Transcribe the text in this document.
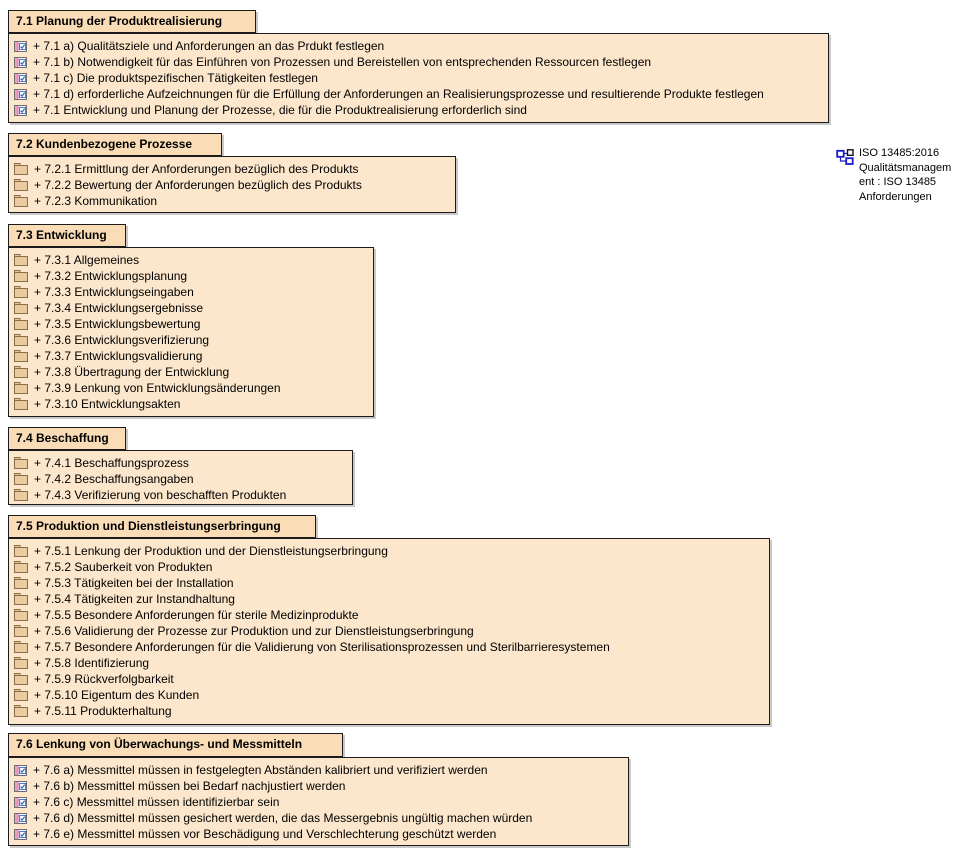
7.1 Planung der Produktrealisierung
+ 7.1 a) Qualitätsziele und Anforderungen an das Prdukt festlegen
+ 7.1 b) Notwendigkeit für das Einführen von Prozessen und Bereistellen von entsprechenden Ressourcen festlegen
+ 7.1 c) Die produktspezifischen Tätigkeiten festlegen
+ 7.1 d) erforderliche Aufzeichnungen für die Erfüllung der Anforderungen an Realisierungsprozesse und resultierende Produkte festlegen
+ 7.1 Entwicklung und Planung der Prozesse, die für die Produktrealisierung erforderlich sind
7.2 Kundenbezogene Prozesse
+ 7.2.1 Ermittlung der Anforderungen bezüglich des Produkts
+ 7.2.2 Bewertung der Anforderungen bezüglich des Produkts
+ 7.2.3 Kommunikation
7.3 Entwicklung
+ 7.3.1 Allgemeines
+ 7.3.2 Entwicklungsplanung
+ 7.3.3 Entwicklungseingaben
+ 7.3.4 Entwicklungsergebnisse
+ 7.3.5 Entwicklungsbewertung
+ 7.3.6 Entwicklungsverifizierung
+ 7.3.7 Entwicklungsvalidierung
+ 7.3.8 Übertragung der Entwicklung
+ 7.3.9 Lenkung von Entwicklungsänderungen
+ 7.3.10 Entwicklungsakten
7.4 Beschaffung
+ 7.4.1 Beschaffungsprozess
+ 7.4.2 Beschaffungsangaben
+ 7.4.3 Verifizierung von beschafften Produkten
7.5 Produktion und Dienstleistungserbringung
+ 7.5.1 Lenkung der Produktion und der Dienstleistungserbringung
+ 7.5.2 Sauberkeit von Produkten
+ 7.5.3 Tätigkeiten bei der Installation
+ 7.5.4 Tätigkeiten zur Instandhaltung
+ 7.5.5 Besondere Anforderungen für sterile Medizinprodukte
+ 7.5.6 Validierung der Prozesse zur Produktion und zur Dienstleistungserbringung
+ 7.5.7 Besondere Anforderungen für die Validierung von Sterilisationsprozessen und Sterilbarrieresystemen
+ 7.5.8 Identifizierung
+ 7.5.9 Rückverfolgbarkeit
+ 7.5.10 Eigentum des Kunden
+ 7.5.11 Produkterhaltung
7.6 Lenkung von Überwachungs- und Messmitteln
+ 7.6 a) Messmittel müssen in festgelegten Abständen kalibriert und verifiziert werden
+ 7.6 b) Messmittel müssen bei Bedarf nachjustiert werden
+ 7.6 c) Messmittel müssen identifizierbar sein
+ 7.6 d) Messmittel müssen gesichert werden, die das Messergebnis ungültig machen würden
+ 7.6 e) Messmittel müssen vor Beschädigung und Verschlechterung geschützt werden
ISO 13485:2016
Qualitätsmanagem
ent : ISO 13485
Anforderungen
